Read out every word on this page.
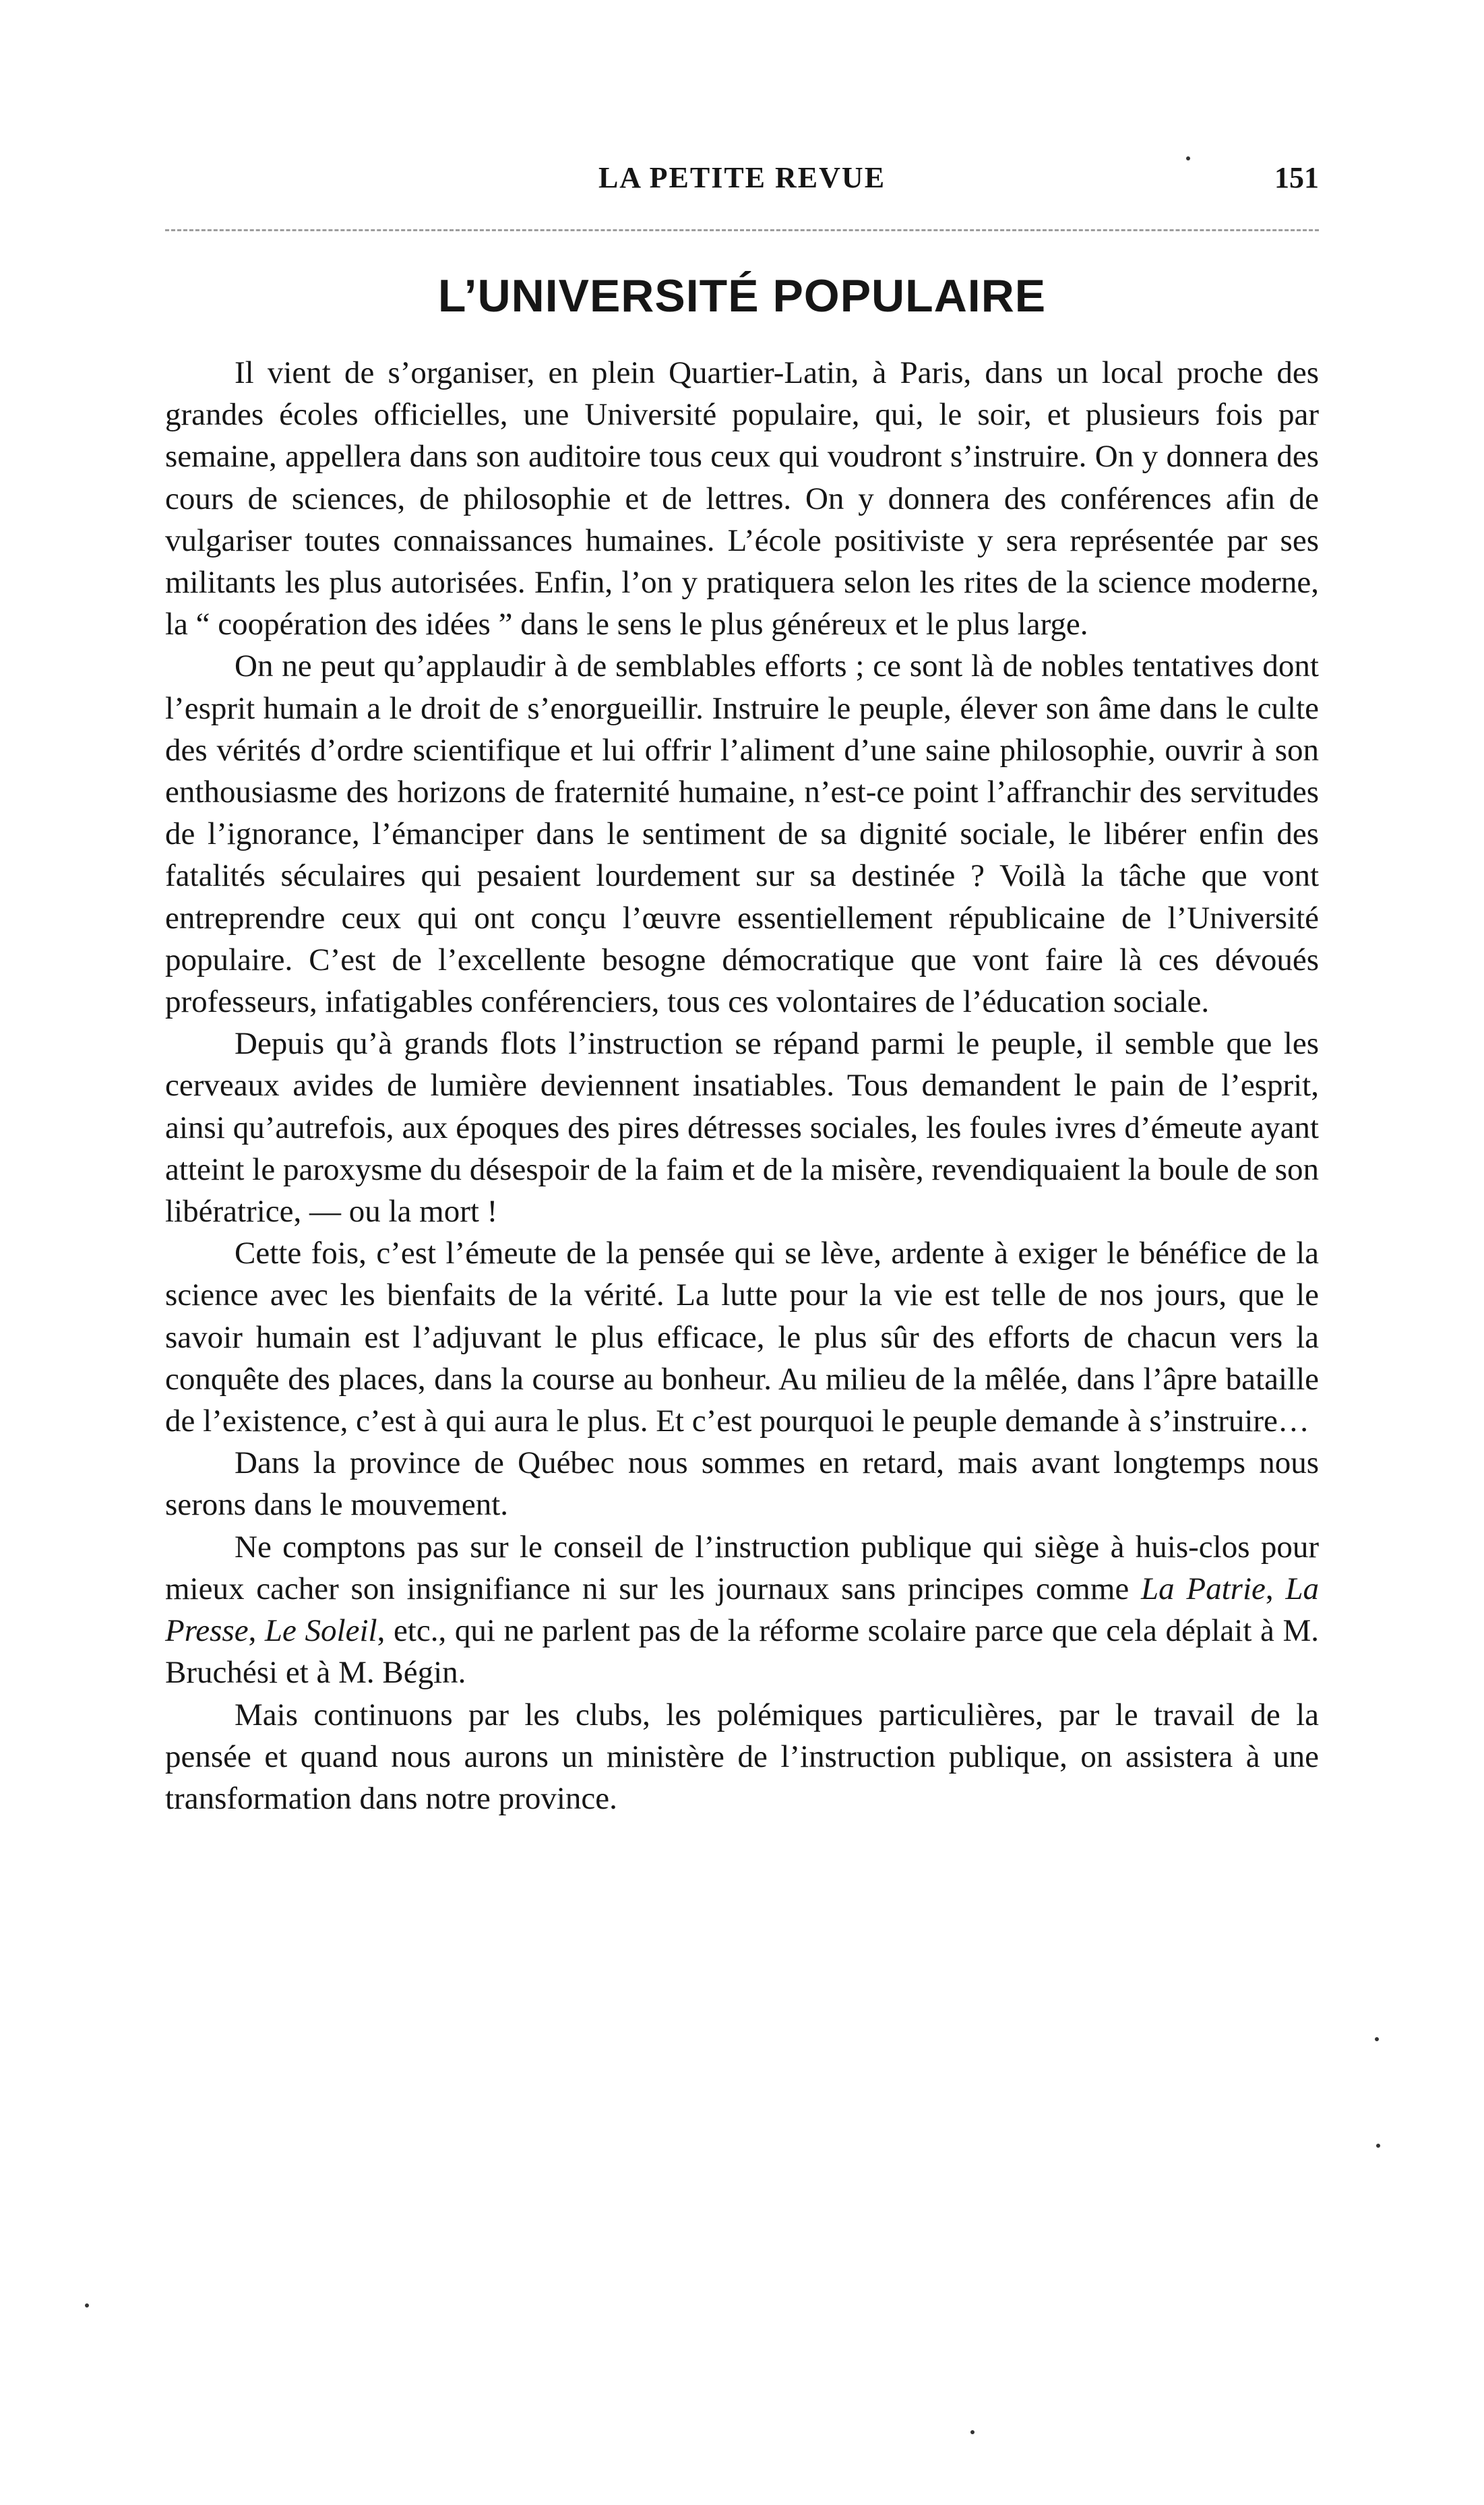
LA PETITE REVUE	151
L’UNIVERSITÉ POPULAIRE

Il vient de s’organiser, en plein Quartier-Latin, à Paris, dans un local proche des grandes écoles officielles, une Université populaire, qui, le soir, et plusieurs fois par semaine, appellera dans son auditoire tous ceux qui voudront s’instruire. On y donnera des cours de sciences, de philosophie et de lettres. On y donnera des conférences afin de vulgariser toutes connaissances humaines. L’école positiviste y sera représentée par ses militants les plus autorisées. Enfin, l’on y pratiquera selon les rites de la science moderne, la “ coopération des idées ” dans le sens le plus généreux et le plus large.

On ne peut qu’applaudir à de semblables efforts ; ce sont là de nobles tentatives dont l’esprit humain a le droit de s’enorgueillir. Instruire le peuple, élever son âme dans le culte des vérités d’ordre scientifique et lui offrir l’aliment d’une saine philosophie, ouvrir à son enthousiasme des horizons de fraternité humaine, n’est-ce point l’affranchir des servitudes de l’ignorance, l’émanciper dans le sentiment de sa dignité sociale, le libérer enfin des fatalités séculaires qui pesaient lourdement sur sa destinée ? Voilà la tâche que vont entreprendre ceux qui ont conçu l’œuvre essentiellement républicaine de l’Université populaire. C’est de l’excellente besogne démocratique que vont faire là ces dévoués professeurs, infatigables conférenciers, tous ces volontaires de l’éducation sociale.

Depuis qu’à grands flots l’instruction se répand parmi le peuple, il semble que les cerveaux avides de lumière deviennent insatiables. Tous demandent le pain de l’esprit, ainsi qu’autrefois, aux époques des pires détresses sociales, les foules ivres d’émeute ayant atteint le paroxysme du désespoir de la faim et de la misère, revendiquaient la boule de son libératrice, — ou la mort !

Cette fois, c’est l’émeute de la pensée qui se lève, ardente à exiger le bénéfice de la science avec les bienfaits de la vérité. La lutte pour la vie est telle de nos jours, que le savoir humain est l’adjuvant le plus efficace, le plus sûr des efforts de chacun vers la conquête des places, dans la course au bonheur. Au milieu de la mêlée, dans l’âpre bataille de l’existence, c’est à qui aura le plus. Et c’est pourquoi le peuple demande à s’instruire…

Dans la province de Québec nous sommes en retard, mais avant longtemps nous serons dans le mouvement.

Ne comptons pas sur le conseil de l’instruction publique qui siège à huis-clos pour mieux cacher son insignifiance ni sur les journaux sans principes comme La Patrie, La Presse, Le Soleil, etc., qui ne parlent pas de la réforme scolaire parce que cela déplait à M. Bruchési et à M. Bégin.

Mais continuons par les clubs, les polémiques particulières, par le travail de la pensée et quand nous aurons un ministère de l’instruction publique, on assistera à une transformation dans notre province.
